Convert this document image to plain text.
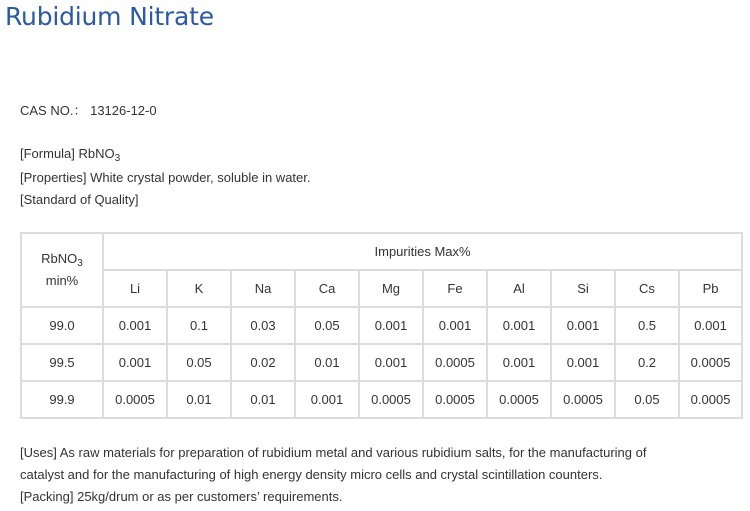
Rubidium Nitrate
CAS NO.： 13126-12-0
[Formula] RbNO$_3$
[Properties] White crystal powder, soluble in water.
[Standard of Quality]
RbNO$_3$
min%	Impurities Max%									
	Li	K	Na	Ca	Mg	Fe	Al	Si	Cs	Pb
99.0	0.001	0.1	0.03	0.05	0.001	0.001	0.001	0.001	0.5	0.001
99.5	0.001	0.05	0.02	0.01	0.001	0.0005	0.001	0.001	0.2	0.0005
99.9	0.0005	0.01	0.01	0.001	0.0005	0.0005	0.0005	0.0005	0.05	0.0005
[Uses] As raw materials for preparation of rubidium metal and various rubidium salts, for the manufacturing of
catalyst and for the manufacturing of high energy density micro cells and crystal scintillation counters.
[Packing] 25kg/drum or as per customers’ requirements.
